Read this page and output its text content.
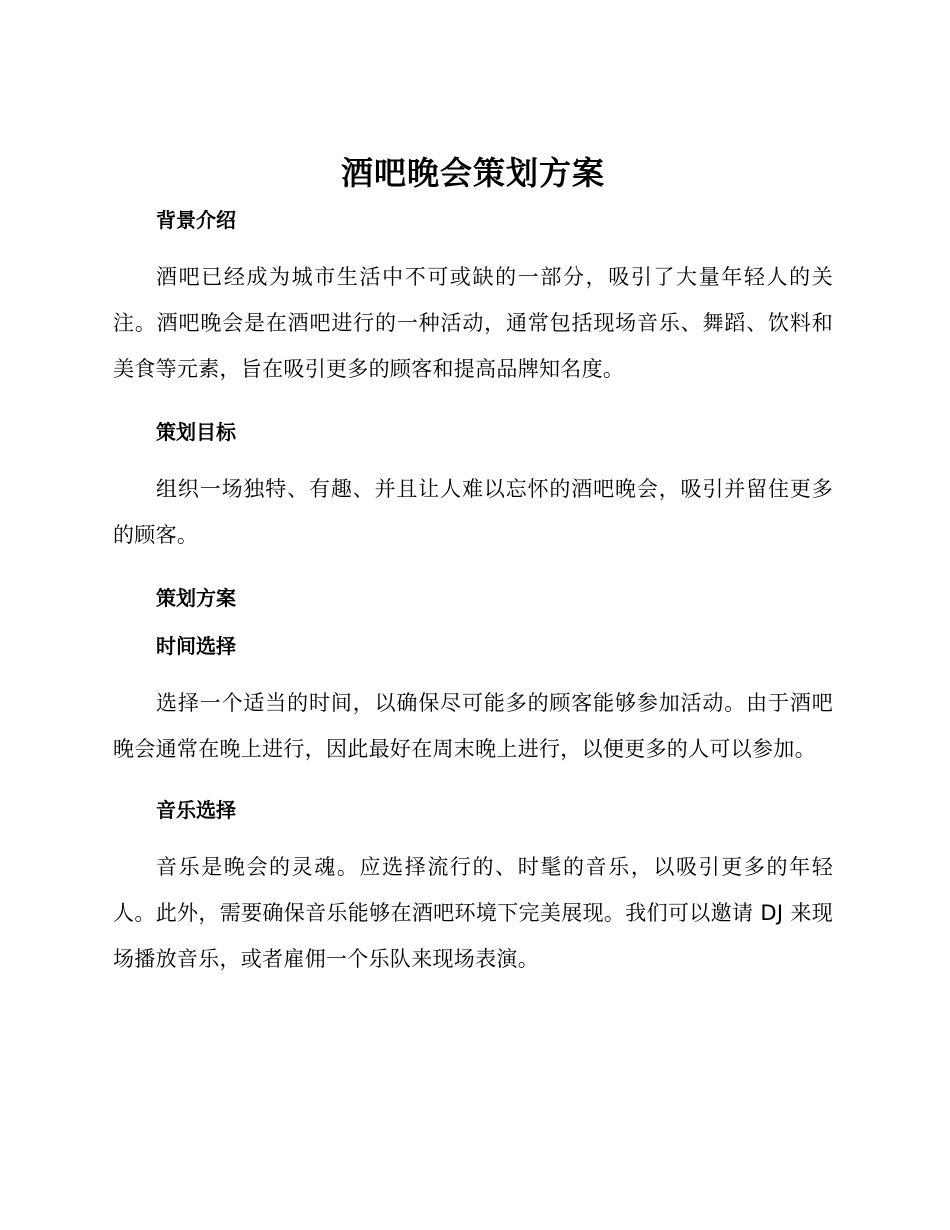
酒吧晚会策划方案
背景介绍

酒吧已经成为城市生活中不可或缺的一部分，吸引了大量年轻人的关注。酒吧晚会是在酒吧进行的一种活动，通常包括现场音乐、舞蹈、饮料和美食等元素，旨在吸引更多的顾客和提高品牌知名度。

策划目标

组织一场独特、有趣、并且让人难以忘怀的酒吧晚会，吸引并留住更多的顾客。

策划方案
时间选择

选择一个适当的时间，以确保尽可能多的顾客能够参加活动。由于酒吧晚会通常在晚上进行，因此最好在周末晚上进行，以便更多的人可以参加。

音乐选择

音乐是晚会的灵魂。应选择流行的、时髦的音乐，以吸引更多的年轻人。此外，需要确保音乐能够在酒吧环境下完美展现。我们可以邀请 DJ 来现场播放音乐，或者雇佣一个乐队来现场表演。
